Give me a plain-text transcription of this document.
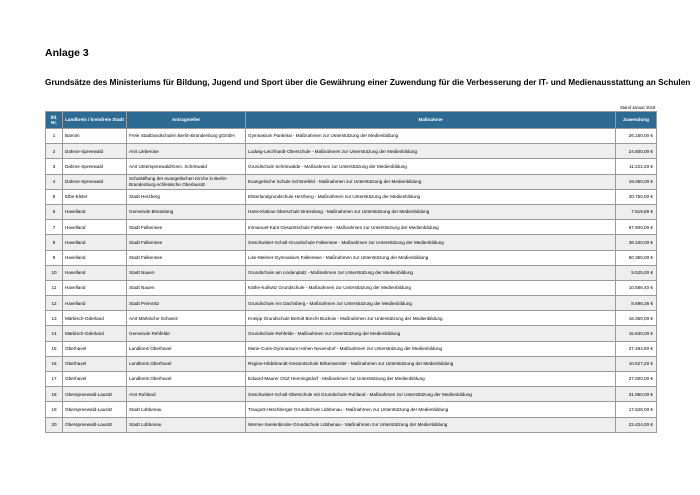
Anlage 3
Grundsätze des Ministeriums für Bildung, Jugend und Sport über die Gewährung einer Zuwendung für die Verbesserung der IT- und Medienausstattung an Schulen
Stand Januar 2019
lfd. Nr.	Landkreis / kreisfreie Stadt	Antragsteller	Maßnahme	Zuwendung
1	Barnim	Freie Stadtrandschulen Berlin-Brandenburg gGmbH	Gymnasium Panketal - Maßnahmen zur Unterstützung der Medienbildung	26.150,00 €
2	Dahme-Spreewald	Amt Lieberose	Ludwig-Leichhardt-Oberschule - Maßnahmen zur Unterstützung der Medienbildung	24.800,00 €
3	Dahme-Spreewald	Amt Unterspreewald/Gem. Schönwald	Grundschule Schönwalde - Maßnahmen zur Unterstützung der Medienbildung	11.222,20 €
4	Dahme-Spreewald	Schulstiftung der evangelischen Kirche in Berlin-Brandenburg-schlesische Oberlausitz	Evangelische Schule Schönefeld - Maßnahmen zur Unterstützung der Medienbildung	19.050,00 €
5	Elbe-Elster	Stadt Herzberg	Elsterlandgrundschule Herzberg - Maßnahmen zur Unterstützung der Medienbildung	30.750,00 €
6	Havelland	Gemeinde Brieselang	Hans-Klakow Oberschule Brieselang - Maßnahmen zur Unterstützung der Medienbildung	7.519,89 €
7	Havelland	Stadt Falkensee	Immanuel-Kant Gesamtschule Falkensee - Maßnahmen zur Unterstützung der Medienbildung	67.900,00 €
8	Havelland	Stadt Falkensee	Geschwister-Scholl-Grundschule Falkensee - Maßnahmen zur Unterstützung der Medienbildung	38.100,00 €
9	Havelland	Stadt Falkensee	Lise-Meitner-Gymnasium Falkensee - Maßnahmen zur Unterstützung der Medienbildung	60.360,00 €
10	Havelland	Stadt Nauen	Grundschule am Lindenplatz - Maßnahmen zur Unterstützung der Medienbildung	9.525,00 €
11	Havelland	Stadt Nauen	Käthe-Kollwitz Grundschule - Maßnahmen zur Unterstützung der Medienbildung	10.586,40 €
12	Havelland	Stadt Premnitz	Grundschule Am Dachsberg - Maßnahmen zur Unterstützung der Medienbildung	8.696,35 €
13	Märkisch-Oderland	Amt Märkische Schweiz	Kneipp Grundschule Bertolt Brecht Buckow - Maßnahmen zur Unterstützung der Medienbildung	18.360,00 €
14	Märkisch-Oderland	Gemeinde Rehfelde	Grundschule Rehfelde - Maßnahmen zur Unterstützung der Medienbildung	15.840,00 €
15	Oberhavel	Landkreis Oberhavel	Marie-Curie-Gymnasium Hohen Neuendorf - Maßnahmen zur Unterstützung der Medienbildung	27.484,80 €
16	Oberhavel	Landkreis Oberhavel	Regine-Hildebrandt-Gesamtschule Birkenwerder - Maßnahmen zur Unterstützung der Medienbildung	10.627,20 €
17	Oberhavel	Landkreis Oberhavel	Eduard-Maurer OSZ Henningsdorf - Maßnahmen zur Unterstützung der Medienbildung	27.000,00 €
18	Oberspreewald-Lausitz	Amt Ruhland	Geschwister-Scholl-Oberschule mit Grundschule Ruhland - Maßnahmen zur Unterstützung der Medienbildung	31.950,00 €
19	Oberspreewald-Lausitz	Stadt Lübbenau	Traugott-Hirschberger Grundschule Lübbenau - Maßnahmen zur Unterstützung der Medienbildung	17.628,00 €
20	Oberspreewald-Lausitz	Stadt Lübbenau	Werner-Seelenbinder-Grundschule Lübbenau - Maßnahmen zur Unterstützung der Medienbildung	23.424,00 €
